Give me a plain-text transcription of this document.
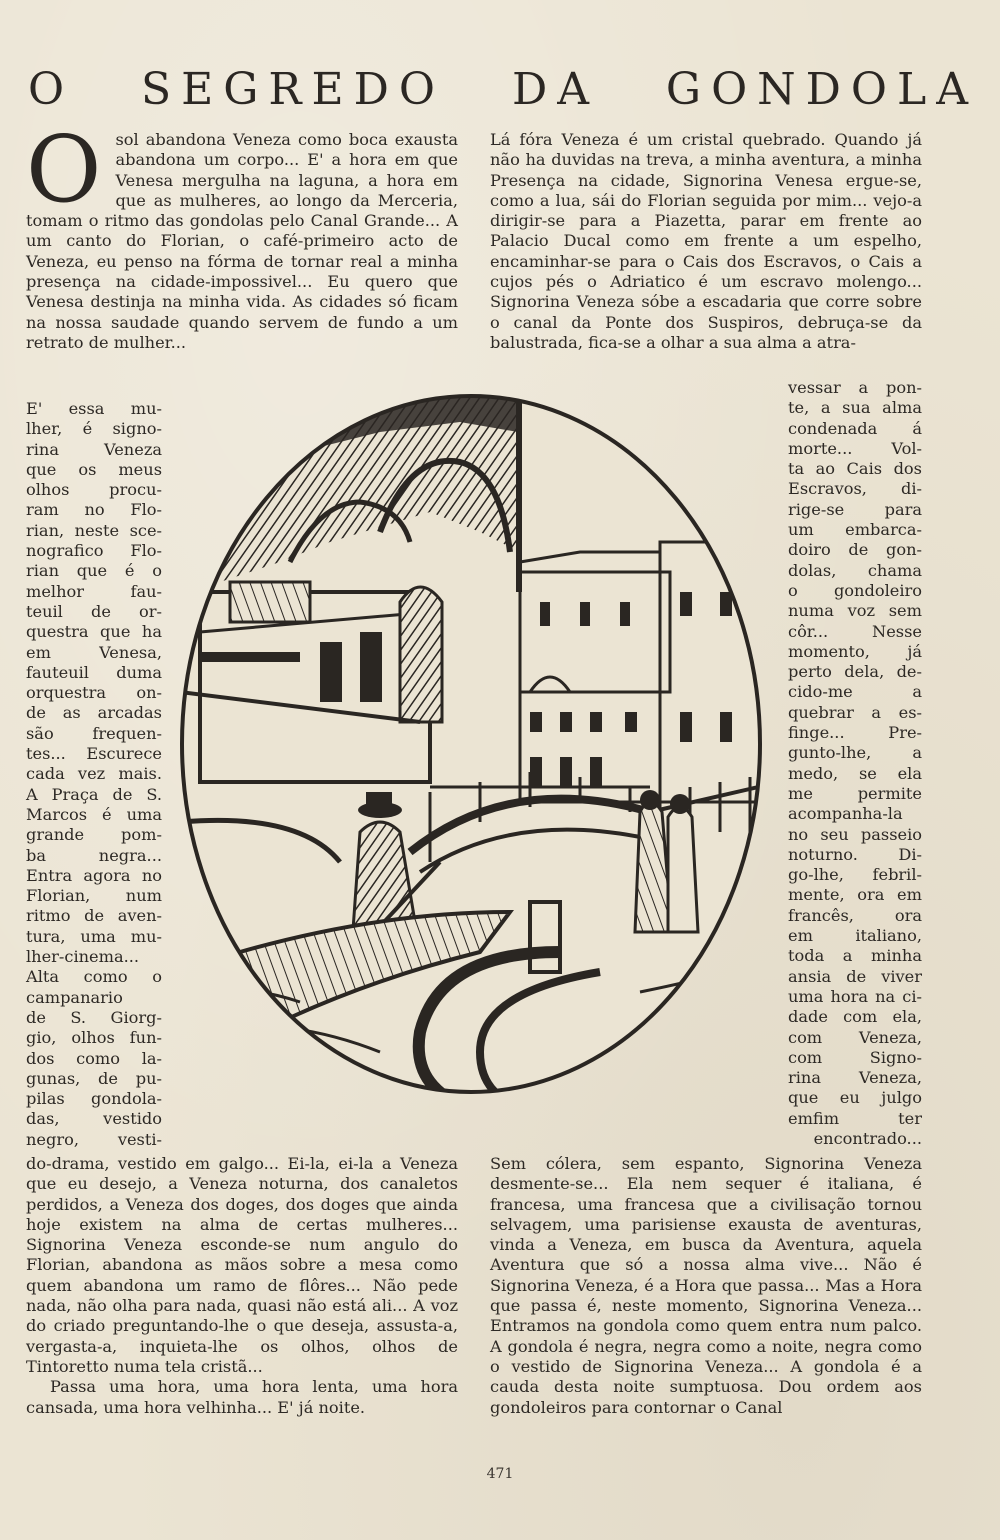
O SEGREDO DA GONDOLA
O sol abandona Veneza como boca exausta abandona um corpo... E' a hora em que Venesa mergulha na laguna, a hora em que as mulheres, ao longo da Merceria, tomam o ritmo das gondolas pelo Canal Grande... A um canto do Florian, o café-primeiro acto de Veneza, eu penso na fórma de tornar real a minha presença na cidade-impossivel... Eu quero que Venesa destinja na minha vida. As cidades só ficam na nossa saudade quando servem de fundo a um retrato de mulher...

E' essa mu-
lher, é signo-
rina Veneza
que os meus
olhos procu-
ram no Flo-
rian, neste sce-
nografico Flo-
rian que é o
melhor fau-
teuil de or-
questra que ha
em Venesa,
fauteuil duma
orquestra on-
de as arcadas
são frequen-
tes... Escurece
cada vez mais.
A Praça de S.
Marcos é uma
grande pom-
ba negra...
Entra agora no
Florian, num
ritmo de aven-
tura, uma mu-
lher-cinema...
Alta como o
campanario
de S. Giorg-
gio, olhos fun-
dos como la-
gunas, de pu-
pilas gondola-
das, vestido
negro, vesti-

do-drama, vestido em galgo... Ei-la, ei-la a Veneza que eu desejo, a Veneza noturna, dos canaletos perdidos, a Veneza dos doges, dos doges que ainda hoje existem na alma de certas mulheres... Signorina Veneza esconde-se num angulo do Florian, abandona as mãos sobre a mesa como quem abandona um ramo de flôres... Não pede nada, não olha para nada, quasi não está ali... A voz do criado preguntando-lhe o que deseja, assusta-a, vergasta-a, inquieta-lhe os olhos, olhos de Tintoretto numa tela cristã...

Passa uma hora, uma hora lenta, uma hora cansada, uma hora velhinha... E' já noite.

Lá fóra Veneza é um cristal quebrado. Quando já não ha duvidas na treva, a minha aventura, a minha Presença na cidade, Signorina Venesa ergue-se, como a lua, sái do Florian seguida por mim... vejo-a dirigir-se para a Piazetta, parar em frente ao Palacio Ducal como em frente a um espelho, encaminhar-se para o Cais dos Escravos, o Cais a cujos pés o Adriatico é um escravo molengo... Signorina Veneza sóbe a escadaria que corre sobre o canal da Ponte dos Suspiros, debruça-se da balustrada, fica-se a olhar a sua alma a atra-

vessar a pon-
te, a sua alma
condenada á
morte... Vol-
ta ao Cais dos
Escravos, di-
rige-se para
um embarca-
doiro de gon-
dolas, chama
o gondoleiro
numa voz sem
côr... Nesse
momento, já
perto dela, de-
cido-me a
quebrar a es-
finge... Pre-
gunto-lhe, a
medo, se ela
me permite
acompanha-la
no seu passeio
noturno. Di-
go-lhe, febril-
mente, ora em
francês, ora
em italiano,
toda a minha
ansia de viver
uma hora na ci-
dade com ela,
com Veneza,
com Signo-
rina Veneza,
que eu julgo
emfim ter
encontrado...

Sem cólera, sem espanto, Signorina Veneza desmente-se... Ela nem sequer é italiana, é francesa, uma francesa que a civilisação tornou selvagem, uma parisiense exausta de aventuras, vinda a Veneza, em busca da Aventura, aquela Aventura que só a nossa alma vive... Não é Signorina Veneza, é a Hora que passa... Mas a Hora que passa é, neste momento, Signorina Veneza... Entramos na gondola como quem entra num palco. A gondola é negra, negra como a noite, negra como o vestido de Signorina Veneza... A gondola é a cauda desta noite sumptuosa. Dou ordem aos gondoleiros para contornar o Canal

471
